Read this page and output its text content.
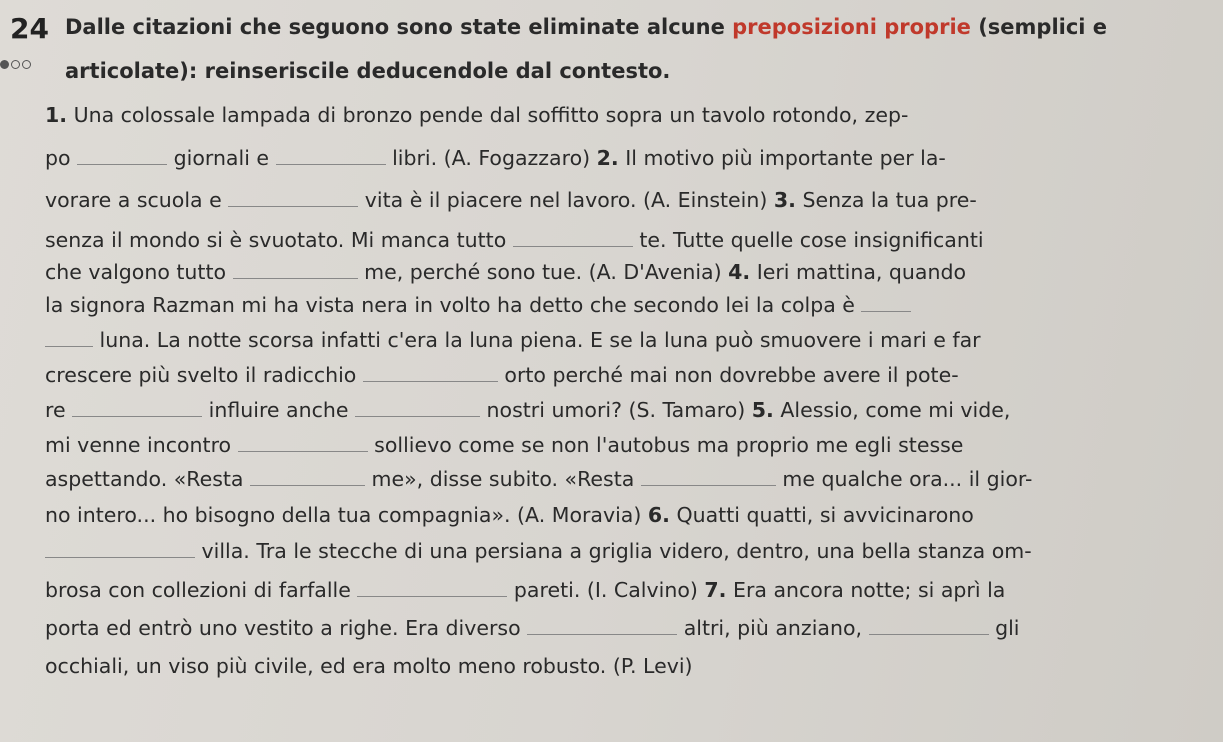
24 Dalle citazioni che seguono sono state eliminate alcune preposizioni proprie (semplici e
articolate): reinseriscile deducendole dal contesto.
1. Una colossale lampada di bronzo pende dal soffitto sopra un tavolo rotondo, zep-
po	giornali e	libri. (A. Fogazzaro) 2. Il motivo più importante per la-
vorare a scuola e	vita è il piacere nel lavoro. (A. Einstein) 3. Senza la tua pre-
senza il mondo si è svuotato. Mi manca tutto	te. Tutte quelle cose insignificanti
che valgono tutto	me, perché sono tue. (A. D'Avenia) 4. Ieri mattina, quando
la signora Razman mi ha vista nera in volto ha detto che secondo lei la colpa è
luna. La notte scorsa infatti c'era la luna piena. E se la luna può smuovere i mari e far
crescere più svelto il radicchio	orto perché mai non dovrebbe avere il pote-
re	influire anche	nostri umori? (S. Tamaro) 5. Alessio, come mi vide,
mi venne incontro	sollievo come se non l'autobus ma proprio me egli stesse
aspettando. «Resta	me», disse subito. «Resta	me qualche ora... il gior-
no intero... ho bisogno della tua compagnia». (A. Moravia) 6. Quatti quatti, si avvicinarono
villa. Tra le stecche di una persiana a griglia videro, dentro, una bella stanza om-
brosa con collezioni di farfalle	pareti. (I. Calvino) 7. Era ancora notte; si aprì la
porta ed entrò uno vestito a righe. Era diverso	altri, più anziano,	gli
occhiali, un viso più civile, ed era molto meno robusto. (P. Levi)
